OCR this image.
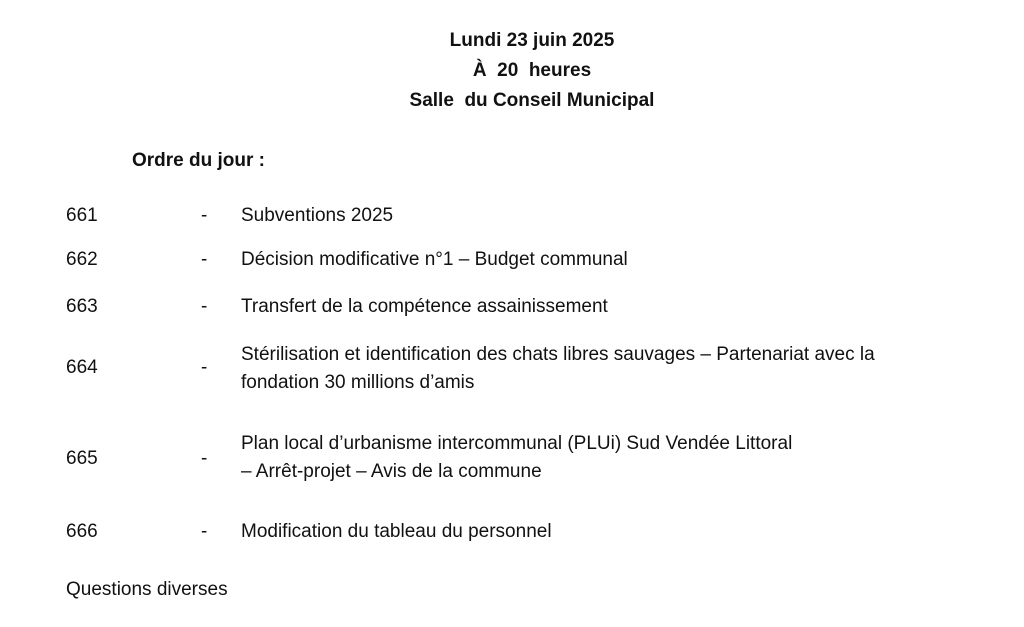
Lundi 23 juin 2025
À  20  heures
Salle  du Conseil Municipal
Ordre du jour :
661	- Subventions 2025
662	- Décision modificative n°1 – Budget communal
663	- Transfert de la compétence assainissement
664	-
Stérilisation et identification des chats libres sauvages – Partenariat avec la
fondation 30 millions d’amis
665	-
Plan local d’urbanisme intercommunal (PLUi) Sud Vendée Littoral
– Arrêt-projet – Avis de la commune
666	- Modification du tableau du personnel
Questions diverses
